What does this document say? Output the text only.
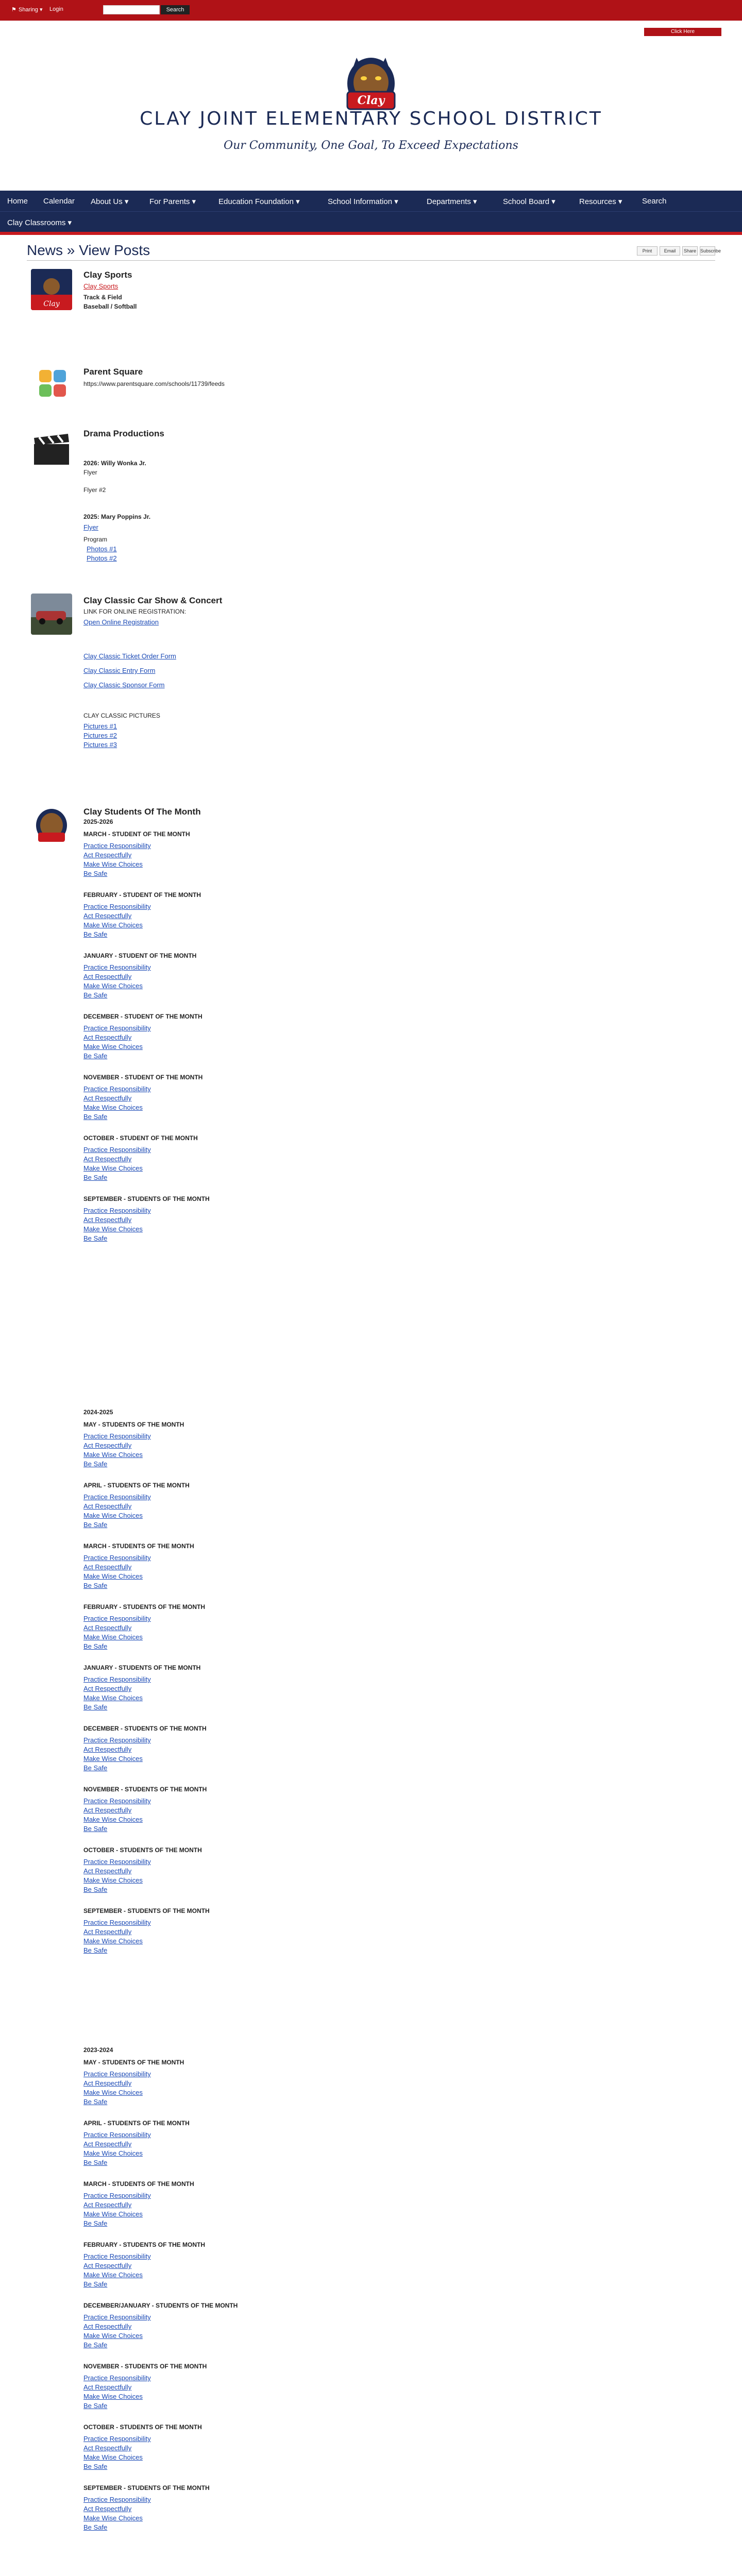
⚑ Sharing ▾ Login	Search
Click Here
Clay
CLAY JOINT ELEMENTARY SCHOOL DISTRICT
Our Community, One Goal, To Exceed Expectations
Home Calendar About Us ▾	For Parents ▾	Education Foundation ▾	School Information ▾	Departments ▾	School Board ▾	Resources ▾	Search
Clay Classrooms ▾
News » View Posts	Print	Email	Share Subscribe
Clay
Clay Sports
Clay Sports
Track & Field
Baseball / Softball
Parent Square
https://www.parentsquare.com/schools/11739/feeds
Drama Productions
2026: Willy Wonka Jr.
Flyer
Flyer #2
2025: Mary Poppins Jr.
Flyer
Program
Photos #1
Photos #2
Clay Classic Car Show & Concert
LINK FOR ONLINE REGISTRATION:
Open Online Registration
Clay Classic Ticket Order Form
Clay Classic Entry Form
Clay Classic Sponsor Form
CLAY CLASSIC PICTURES
Pictures #1
Pictures #2
Pictures #3
Clay Students Of The Month
2025-2026
2024-2025
2023-2024
MARCH - STUDENT OF THE MONTH
Practice Responsibility
Act Respectfully
Make Wise Choices
Be Safe
FEBRUARY - STUDENT OF THE MONTH
Practice Responsibility
Act Respectfully
Make Wise Choices
Be Safe
JANUARY - STUDENT OF THE MONTH
Practice Responsibility
Act Respectfully
Make Wise Choices
Be Safe
DECEMBER - STUDENT OF THE MONTH
Practice Responsibility
Act Respectfully
Make Wise Choices
Be Safe
NOVEMBER - STUDENT OF THE MONTH
Practice Responsibility
Act Respectfully
Make Wise Choices
Be Safe
OCTOBER - STUDENT OF THE MONTH
Practice Responsibility
Act Respectfully
Make Wise Choices
Be Safe
SEPTEMBER - STUDENTS OF THE MONTH
Practice Responsibility
Act Respectfully
Make Wise Choices
Be Safe
MAY - STUDENTS OF THE MONTH
Practice Responsibility
Act Respectfully
Make Wise Choices
Be Safe
APRIL - STUDENTS OF THE MONTH
Practice Responsibility
Act Respectfully
Make Wise Choices
Be Safe
MARCH - STUDENTS OF THE MONTH
Practice Responsibility
Act Respectfully
Make Wise Choices
Be Safe
FEBRUARY - STUDENTS OF THE MONTH
Practice Responsibility
Act Respectfully
Make Wise Choices
Be Safe
JANUARY - STUDENTS OF THE MONTH
Practice Responsibility
Act Respectfully
Make Wise Choices
Be Safe
DECEMBER - STUDENTS OF THE MONTH
Practice Responsibility
Act Respectfully
Make Wise Choices
Be Safe
NOVEMBER - STUDENTS OF THE MONTH
Practice Responsibility
Act Respectfully
Make Wise Choices
Be Safe
OCTOBER - STUDENTS OF THE MONTH
Practice Responsibility
Act Respectfully
Make Wise Choices
Be Safe
SEPTEMBER - STUDENTS OF THE MONTH
Practice Responsibility
Act Respectfully
Make Wise Choices
Be Safe
MAY - STUDENTS OF THE MONTH
Practice Responsibility
Act Respectfully
Make Wise Choices
Be Safe
APRIL - STUDENTS OF THE MONTH
Practice Responsibility
Act Respectfully
Make Wise Choices
Be Safe
MARCH - STUDENTS OF THE MONTH
Practice Responsibility
Act Respectfully
Make Wise Choices
Be Safe
FEBRUARY - STUDENTS OF THE MONTH
Practice Responsibility
Act Respectfully
Make Wise Choices
Be Safe
DECEMBER/JANUARY - STUDENTS OF THE MONTH
Practice Responsibility
Act Respectfully
Make Wise Choices
Be Safe
NOVEMBER - STUDENTS OF THE MONTH
Practice Responsibility
Act Respectfully
Make Wise Choices
Be Safe
OCTOBER - STUDENTS OF THE MONTH
Practice Responsibility
Act Respectfully
Make Wise Choices
Be Safe
SEPTEMBER - STUDENTS OF THE MONTH
Practice Responsibility
Act Respectfully
Make Wise Choices
Be Safe
